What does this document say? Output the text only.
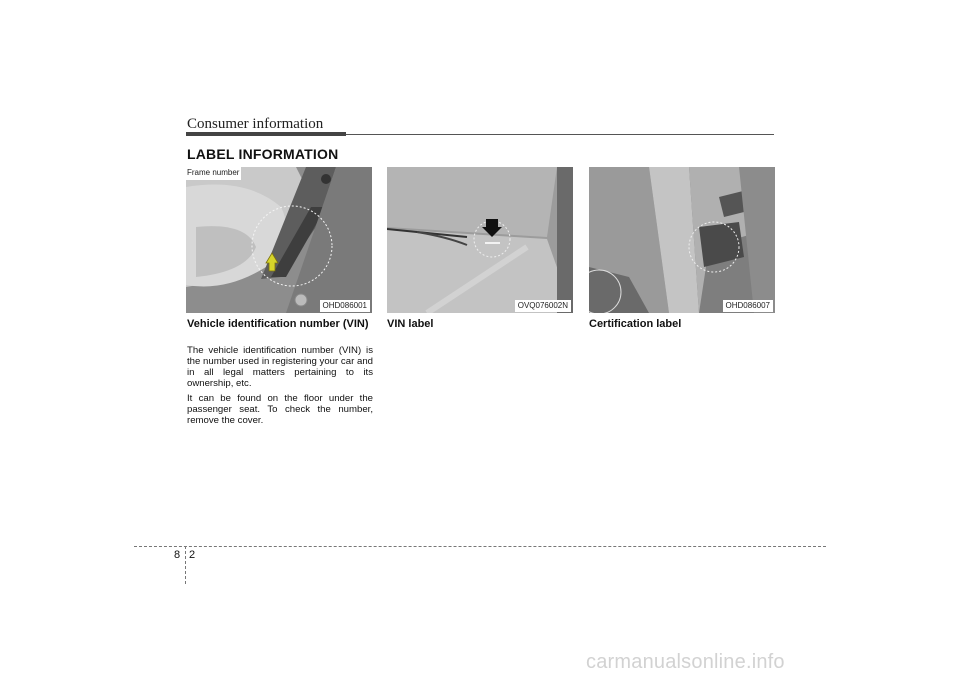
Consumer information
LABEL INFORMATION
Frame number
OHD086001	OVQ076002N	OHD086007
Vehicle identification number (VIN)	VIN label	Certification label

The vehicle identification number (VIN) is the number used in registering your car and in all legal matters pertaining to its ownership, etc.

It can be found on the floor under the passenger seat. To check the number, remove the cover.

8 2
carmanualsonline.info
